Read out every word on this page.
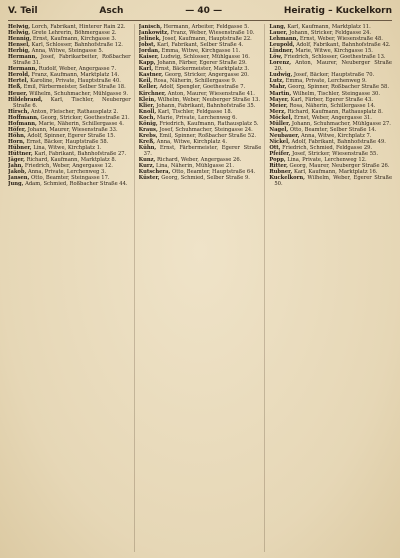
V. Teil	Asch	— 40 —	Heiratig – Kuckelkorn
Helwig, Lorch, Fabrikant, Hinterer Rain 22.
Helwig, Grete Lehrerin, Böhmergasse 2.
Hennig, Ernst, Kaufmann, Kirchgasse 3.
Hensel, Karl, Schlosser, Bahnhofstraße 12.
Herbig, Anna, Witwe, Steingasse 5.
Hermann, Josef, Fabrikarbeiter, Roßbacher Straße 31.
Hermann, Rudolf, Weber, Angergasse 7.
Herold, Franz, Kaufmann, Marktplatz 14.
Hertel, Karoline, Private, Hauptstraße 40.
Heß, Emil, Färbermeister, Selber Straße 18.
Heuer, Wilhelm, Schuhmacher, Mühlgasse 9.
Hildebrand, Karl, Tischler, Neuberger Straße 6.
Hirsch, Anton, Fleischer, Rathausplatz 2.
Hoffmann, Georg, Stricker, Goethestraße 21.
Hofmann, Marie, Näherin, Schillergasse 4.
Höfer, Johann, Maurer, Wiesenstraße 33.
Höhn, Adolf, Spinner, Egerer Straße 15.
Horn, Ernst, Bäcker, Hauptstraße 58.
Hübner, Lina, Witwe, Kirchplatz 1.
Hüttner, Karl, Fabrikant, Bahnhofstraße 27.
Jäger, Richard, Kaufmann, Marktplatz 8.
Jahn, Friedrich, Weber, Angergasse 12.
Jakob, Anna, Private, Lerchenweg 3.
Jansen, Otto, Beamter, Steingasse 17.
Jung, Adam, Schmied, Roßbacher Straße 44.
Janisch, Hermann, Arbeiter, Feldgasse 5.
Jankowitz, Franz, Weber, Wiesenstraße 10.
Jelinek, Josef, Kaufmann, Hauptstraße 22.
Jobst, Karl, Fabrikant, Selber Straße 4.
Jordan, Emma, Witwe, Kirchgasse 11.
Kaiser, Ludwig, Schlosser, Mühlgasse 16.
Kapp, Johann, Färber, Egerer Straße 29.
Karl, Ernst, Bäckermeister, Marktplatz 3.
Kastner, Georg, Stricker, Angergasse 20.
Keil, Rosa, Näherin, Schillergasse 9.
Keller, Adolf, Spengler, Goethestraße 7.
Kirchner, Anton, Maurer, Wiesenstraße 41.
Klein, Wilhelm, Weber, Neuberger Straße 13.
Klier, Johann, Fabrikant, Bahnhofstraße 35.
Knoll, Karl, Tischler, Feldgasse 18.
Koch, Marie, Private, Lerchenweg 6.
König, Friedrich, Kaufmann, Rathausplatz 5.
Kraus, Josef, Schuhmacher, Steingasse 24.
Krebs, Emil, Spinner, Roßbacher Straße 52.
Kreß, Anna, Witwe, Kirchplatz 4.
Kühn, Ernst, Färbermeister, Egerer Straße 37.
Kunz, Richard, Weber, Angergasse 26.
Kurz, Lina, Näherin, Mühlgasse 21.
Kutschera, Otto, Beamter, Hauptstraße 64.
Küster, Georg, Schmied, Selber Straße 9.
Lang, Karl, Kaufmann, Marktplatz 11.
Lauer, Johann, Stricker, Feldgasse 24.
Lehmann, Ernst, Weber, Wiesenstraße 48.
Leupold, Adolf, Fabrikant, Bahnhofstraße 42.
Lindner, Marie, Witwe, Kirchgasse 15.
Löw, Friedrich, Schlosser, Goethestraße 13.
Lorenz, Anton, Maurer, Neuberger Straße 20.
Ludwig, Josef, Bäcker, Hauptstraße 70.
Lutz, Emma, Private, Lerchenweg 9.
Mahr, Georg, Spinner, Roßbacher Straße 58.
Martin, Wilhelm, Tischler, Steingasse 30.
Mayer, Karl, Färber, Egerer Straße 43.
Meier, Rosa, Näherin, Schillergasse 14.
Merz, Richard, Kaufmann, Rathausplatz 8.
Möckel, Ernst, Weber, Angergasse 31.
Müller, Johann, Schuhmacher, Mühlgasse 27.
Nagel, Otto, Beamter, Selber Straße 14.
Neubauer, Anna, Witwe, Kirchplatz 7.
Nickel, Adolf, Fabrikant, Bahnhofstraße 49.
Ott, Friedrich, Schmied, Feldgasse 29.
Pfeifer, Josef, Stricker, Wiesenstraße 55.
Popp, Lina, Private, Lerchenweg 12.
Ritter, Georg, Maurer, Neuberger Straße 26.
Rubner, Karl, Kaufmann, Marktplatz 16.
Kuckelkorn, Wilhelm, Weber, Egerer Straße 50.
